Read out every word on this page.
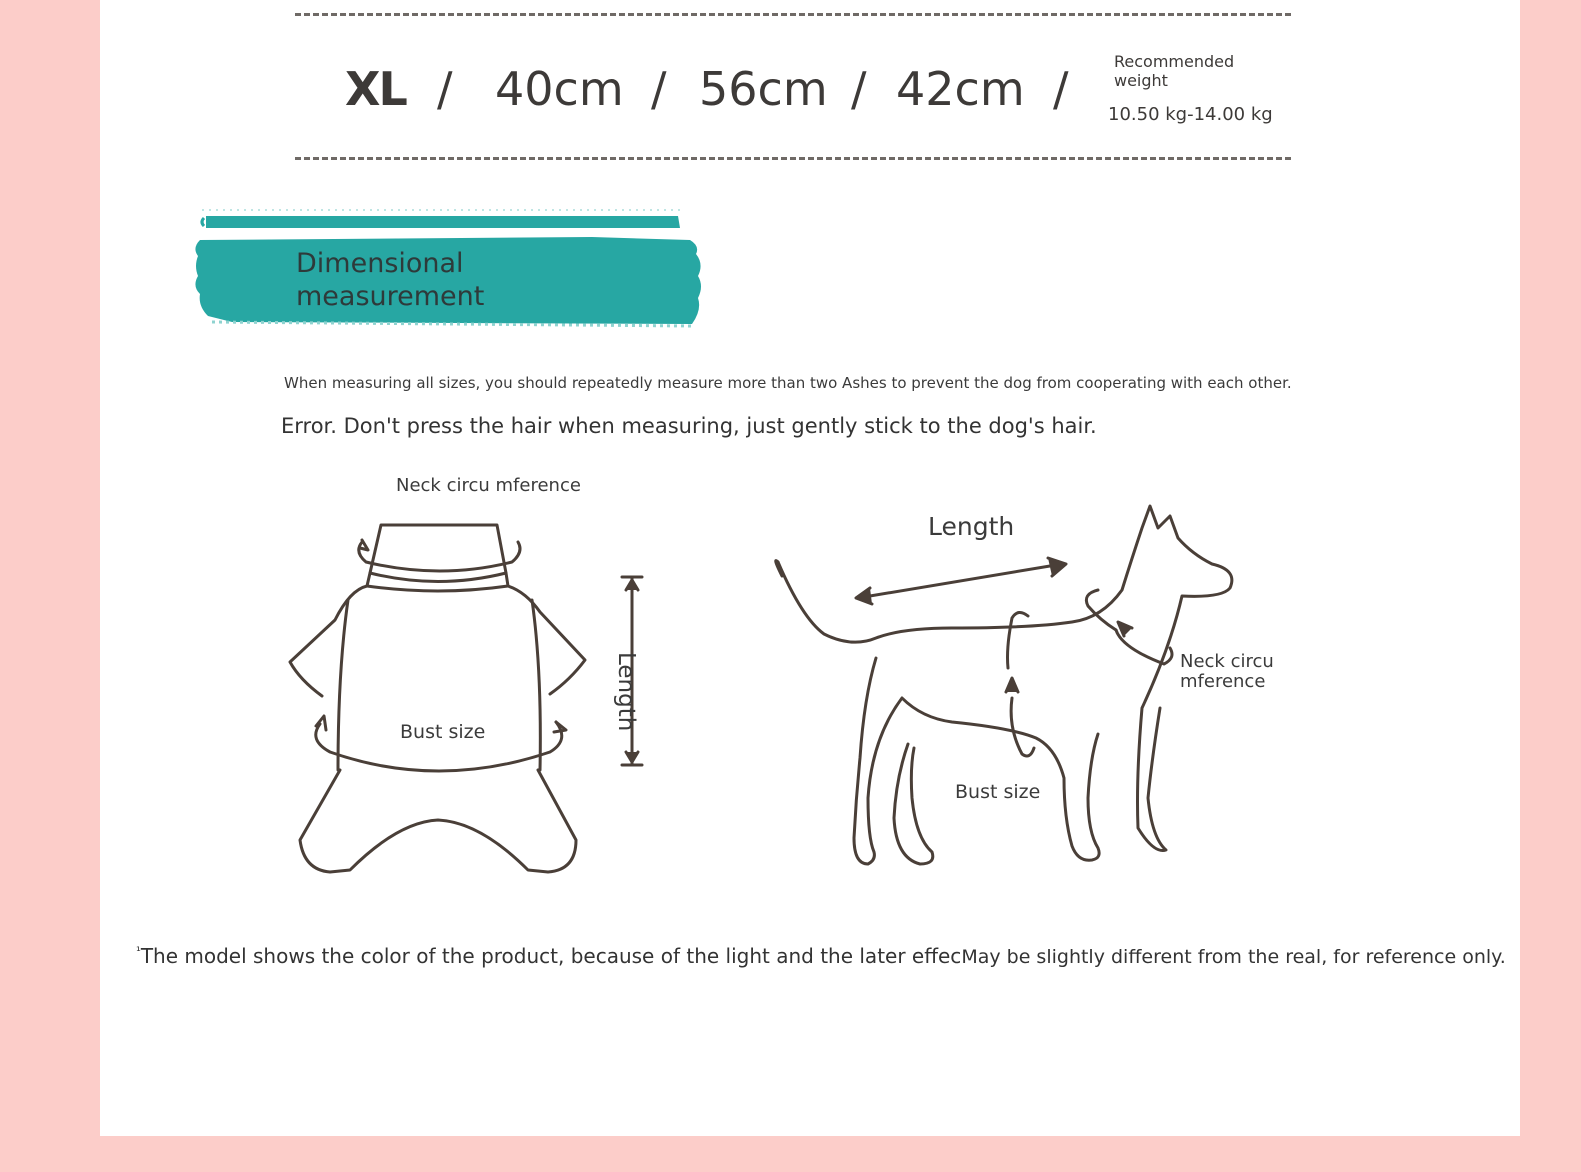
XL / 40cm / 56cm / 42cm /
Recommended weight
10.50 kg-14.00 kg
Dimensional measurement
When measuring all sizes, you should repeatedly measure more than two Ashes to prevent the dog from cooperating with each other.
Error. Don't press the hair when measuring, just gently stick to the dog's hair.
Neck circu mference
Bust size
Length
Length
Neck circu mference
Bust size
$^{^1}$The model shows the color of the product, because of the light and the later effecMay be slightly different from the real, for reference only.
